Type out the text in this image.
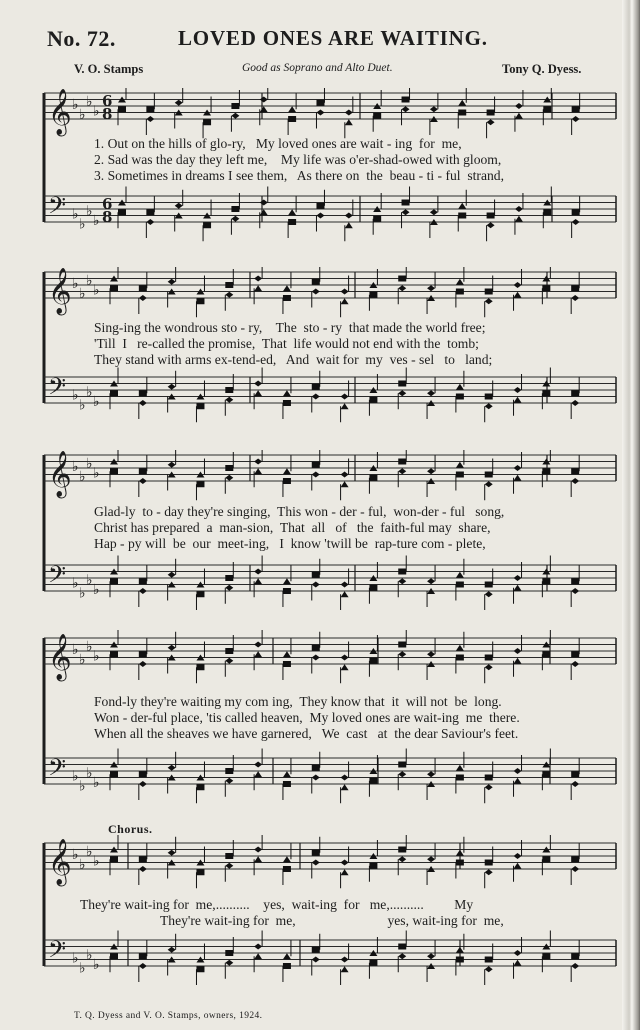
No. 72.	LOVED ONES ARE WAITING.
V. O. Stamps	Good as Soprano and Alto Duet.	Tony Q. Dyess.
𝄞 ♭
♭
♭
♭
6
8
𝄢 ♭
♭
♭
♭
6
8
1. Out on the hills of glo-ry,   My loved ones are wait - ing  for  me,
2. Sad was the day they left me,    My life was o'er-shad-owed with gloom,
3. Sometimes in dreams I see them,   As there on  the  beau - ti - ful  strand,
𝄞 ♭
♭
♭
♭
𝄢 ♭
♭
♭
♭
Sing-ing the wondrous sto - ry,    The  sto - ry  that made the world free;
'Till  I   re-called the promise,  That  life would not end with the  tomb;
They stand with arms ex-tend-ed,   And  wait for  my  ves - sel   to   land;
𝄞 ♭
♭
♭
♭
𝄢 ♭
♭
♭
♭
Glad-ly  to - day they're singing,  This won - der - ful,  won-der - ful   song,
Christ has prepared  a  man-sion,  That  all   of   the  faith-ful may  share,
Hap - py will  be  our  meet-ing,   I  know 'twill be  rap-ture com - plete,
𝄞 ♭
♭
♭
♭
𝄢 ♭
♭
♭
♭
Fond-ly they're waiting my com ing,  They know that  it  will not  be  long.
Won - der-ful place, 'tis called heaven,  My loved ones are wait-ing  me  there.
When all the sheaves we have garnered,   We  cast   at  the dear Saviour's feet.
Chorus.
𝄞 ♭
♭
♭
♭
𝄢 ♭
♭
♭
♭
They're wait-ing for  me,..........    yes,  wait-ing  for   me,..........         My
They're wait-ing for  me,                           yes, wait-ing for  me,
T. Q. Dyess and V. O. Stamps, owners, 1924.
